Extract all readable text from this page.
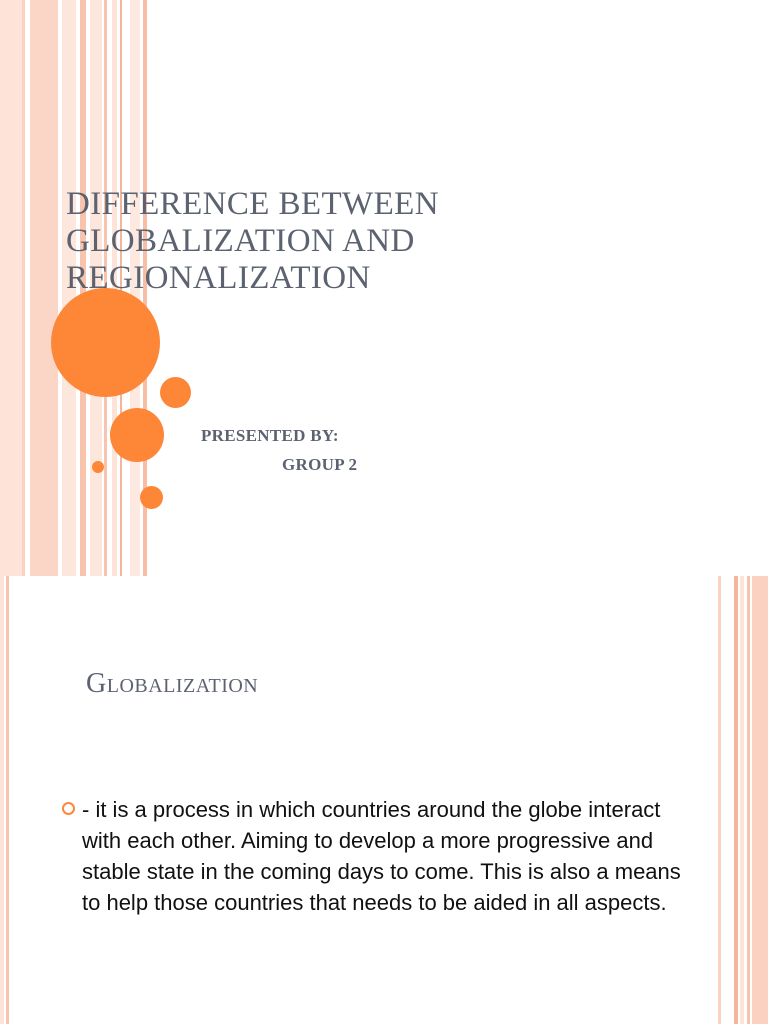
DIFFERENCE BETWEEN GLOBALIZATION AND REGIONALIZATION
PRESENTED BY:
GROUP 2
Globalization
- it is a process in which countries around the globe interact with each other. Aiming to develop a more progressive and stable state in the coming days to come. This is also a means to help those countries that needs to be aided in all aspects.
